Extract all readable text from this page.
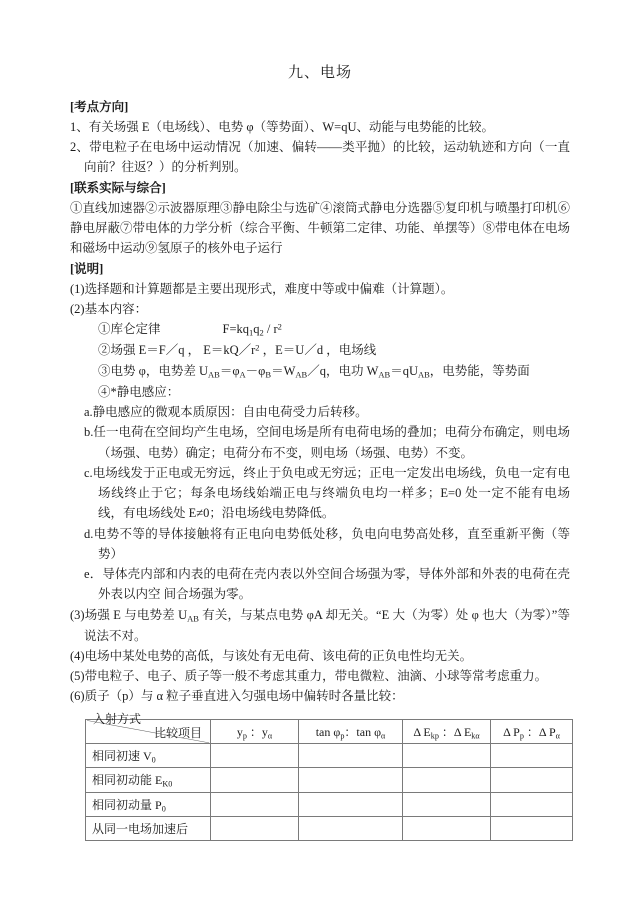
九、电场

[考点方向]

1、有关场强 E（电场线）、电势 φ（等势面）、W=qU、动能与电势能的比较。

2、带电粒子在电场中运动情况（加速、偏转——类平抛）的比较，运动轨迹和方向（一直向前？往返？）的分析判别。

[联系实际与综合]

①直线加速器②示波器原理③静电除尘与选矿④滚筒式静电分选器⑤复印机与喷墨打印机⑥静电屏蔽⑦带电体的力学分析（综合平衡、牛顿第二定律、功能、单摆等）⑧带电体在电场和磁场中运动⑨氢原子的核外电子运行

[说明]

(1)选择题和计算题都是主要出现形式，难度中等或中偏难（计算题）。

(2)基本内容：

①库仑定律	$F=kq_1q_2 / r^2$

②场强 E＝F／q ， $E=kQ/r^2$ ，E＝U／d ，电场线

③电势 φ，电势差 $U_{AB}=\varphi_A-\varphi_B=W_{AB}/q$，电功 $W_{AB}=qU_{AB}$，电势能，等势面

④*静电感应：

a.静电感应的微观本质原因：自由电荷受力后转移。

b.任一电荷在空间均产生电场，空间电场是所有电荷电场的叠加；电荷分布确定，则电场（场强、电势）确定；电荷分布不变，则电场（场强、电势）不变。

c.电场线发于正电或无穷远，终止于负电或无穷远；正电一定发出电场线，负电一定有电场线终止于它；每条电场线始端正电与终端负电均一样多；E=0 处一定不能有电场线，有电场线处 E≠0；沿电场线电势降低。

d.电势不等的导体接触将有正电向电势低处移，负电向电势高处移，直至重新平衡（等势）

e．导体壳内部和内表的电荷在壳内表以外空间合场强为零，导体外部和外表的电荷在壳外表以内空 间合场强为零。

(3)场强 E 与电势差 $U_{AB}$ 有关，与某点电势 φA 却无关。“E 大（为零）处 φ 也大（为零）”等说法不对。

(4)电场中某处电势的高低，与该处有无电荷、该电荷的正负电性均无关。

(5)带电粒子、电子、质子等一般不考虑其重力，带电微粒、油滴、小球等常考虑重力。

(6)质子（p）与 α 粒子垂直进入匀强电场中偏转时各量比较：

比较项目
入射方式	$y_p$ ：$y_\alpha$	$\tan \varphi_p$：$\tan \varphi_\alpha$	Δ $E_{kp}$ ：Δ $E_{k\alpha}$	Δ $P_p$ ：Δ $P_\alpha$
相同初速 $V_0$				
相同初动能 $E_{K0}$				
相同初动量 $P_0$				
从同一电场加速后				
